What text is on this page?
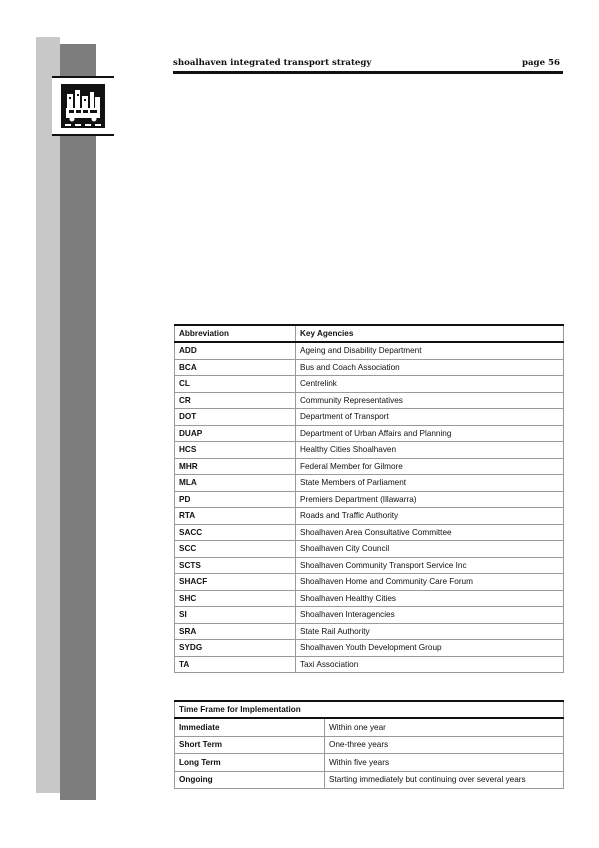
shoalhaven integrated transport strategy	page 56
Abbreviation	Key Agencies
ADD	Ageing and Disability Department
BCA	Bus and Coach Association
CL	Centrelink
CR	Community Representatives
DOT	Department of Transport
DUAP	Department of Urban Affairs and Planning
HCS	Healthy Cities Shoalhaven
MHR	Federal Member for Gilmore
MLA	State Members of Parliament
PD	Premiers Department (Illawarra)
RTA	Roads and Traffic Authority
SACC	Shoalhaven Area Consultative Committee
SCC	Shoalhaven City Council
SCTS	Shoalhaven Community Transport Service Inc
SHACF	Shoalhaven Home and Community Care Forum
SHC	Shoalhaven Healthy Cities
SI	Shoalhaven Interagencies
SRA	State Rail Authority
SYDG	Shoalhaven Youth Development Group
TA	Taxi Association
Time Frame for Implementation	
Immediate	Within one year
Short Term	One-three years
Long Term	Within five years
Ongoing	Starting immediately but continuing over several years
